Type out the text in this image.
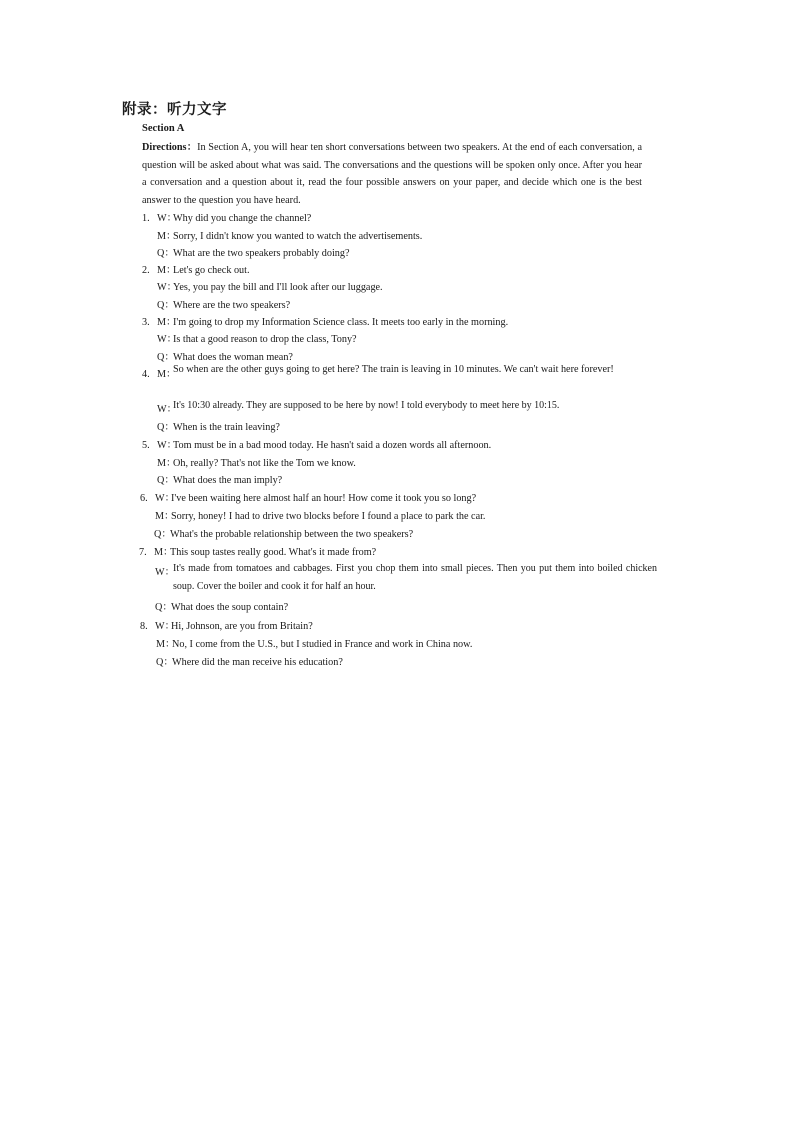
附录：听力文字
Section A
Directions：In Section A, you will hear ten short conversations between two speakers. At the end of each conversation, a question will be asked about what was said. The conversations and the questions will be spoken only once. After you hear a conversation and a question about it, read the four possible answers on your paper, and decide which one is the best answer to the question you have heard.
1. W：Why did you change the channel?
M：Sorry, I didn't know you wanted to watch the advertisements.
Q：What are the two speakers probably doing?
2. M：Let's go check out.
W：Yes, you pay the bill and I'll look after our luggage.
Q：Where are the two speakers?
3. M：I'm going to drop my Information Science class. It meets too early in the morning.
W：Is that a good reason to drop the class, Tony?
Q：What does the woman mean?
4. M：
So when are the other guys going to get here? The train is leaving in 10 minutes. We can't wait here forever!
W：
It's 10:30 already. They are supposed to be here by now! I told everybody to meet here by 10:15.
Q：When is the train leaving?
5. W：Tom must be in a bad mood today. He hasn't said a dozen words all afternoon.
M：Oh, really? That's not like the Tom we know.
Q：What does the man imply?
6. W：I've been waiting here almost half an hour! How come it took you so long?
M：Sorry, honey! I had to drive two blocks before I found a place to park the car.
Q：What's the probable relationship between the two speakers?
7. M：This soup tastes really good. What's it made from?
W：
It's made from tomatoes and cabbages. First you chop them into small pieces. Then you put them into boiled chicken soup. Cover the boiler and cook it for half an hour.
Q：What does the soup contain?
8. W：Hi, Johnson, are you from Britain?
M：No, I come from the U.S., but I studied in France and work in China now.
Q：Where did the man receive his education?
